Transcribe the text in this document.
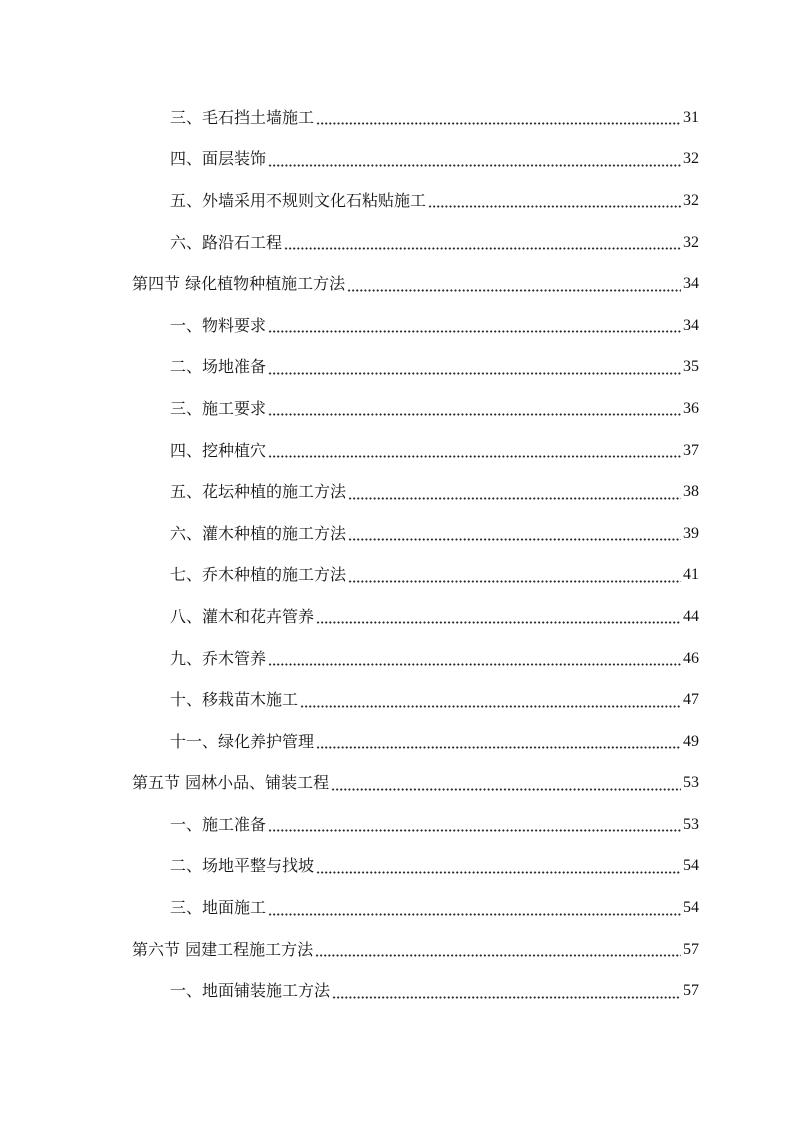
三、毛石挡土墙施工	31
四、面层装饰	32
五、外墙采用不规则文化石粘贴施工	32
六、路沿石工程	32
第四节 绿化植物种植施工方法	34
一、物料要求	34
二、场地准备	35
三、施工要求	36
四、挖种植穴	37
五、花坛种植的施工方法	38
六、灌木种植的施工方法	39
七、乔木种植的施工方法	41
八、灌木和花卉管养	44
九、乔木管养	46
十、移栽苗木施工	47
十一、绿化养护管理	49
第五节 园林小品、铺装工程	53
一、施工准备	53
二、场地平整与找坡	54
三、地面施工	54
第六节 园建工程施工方法	57
一、地面铺装施工方法	57
